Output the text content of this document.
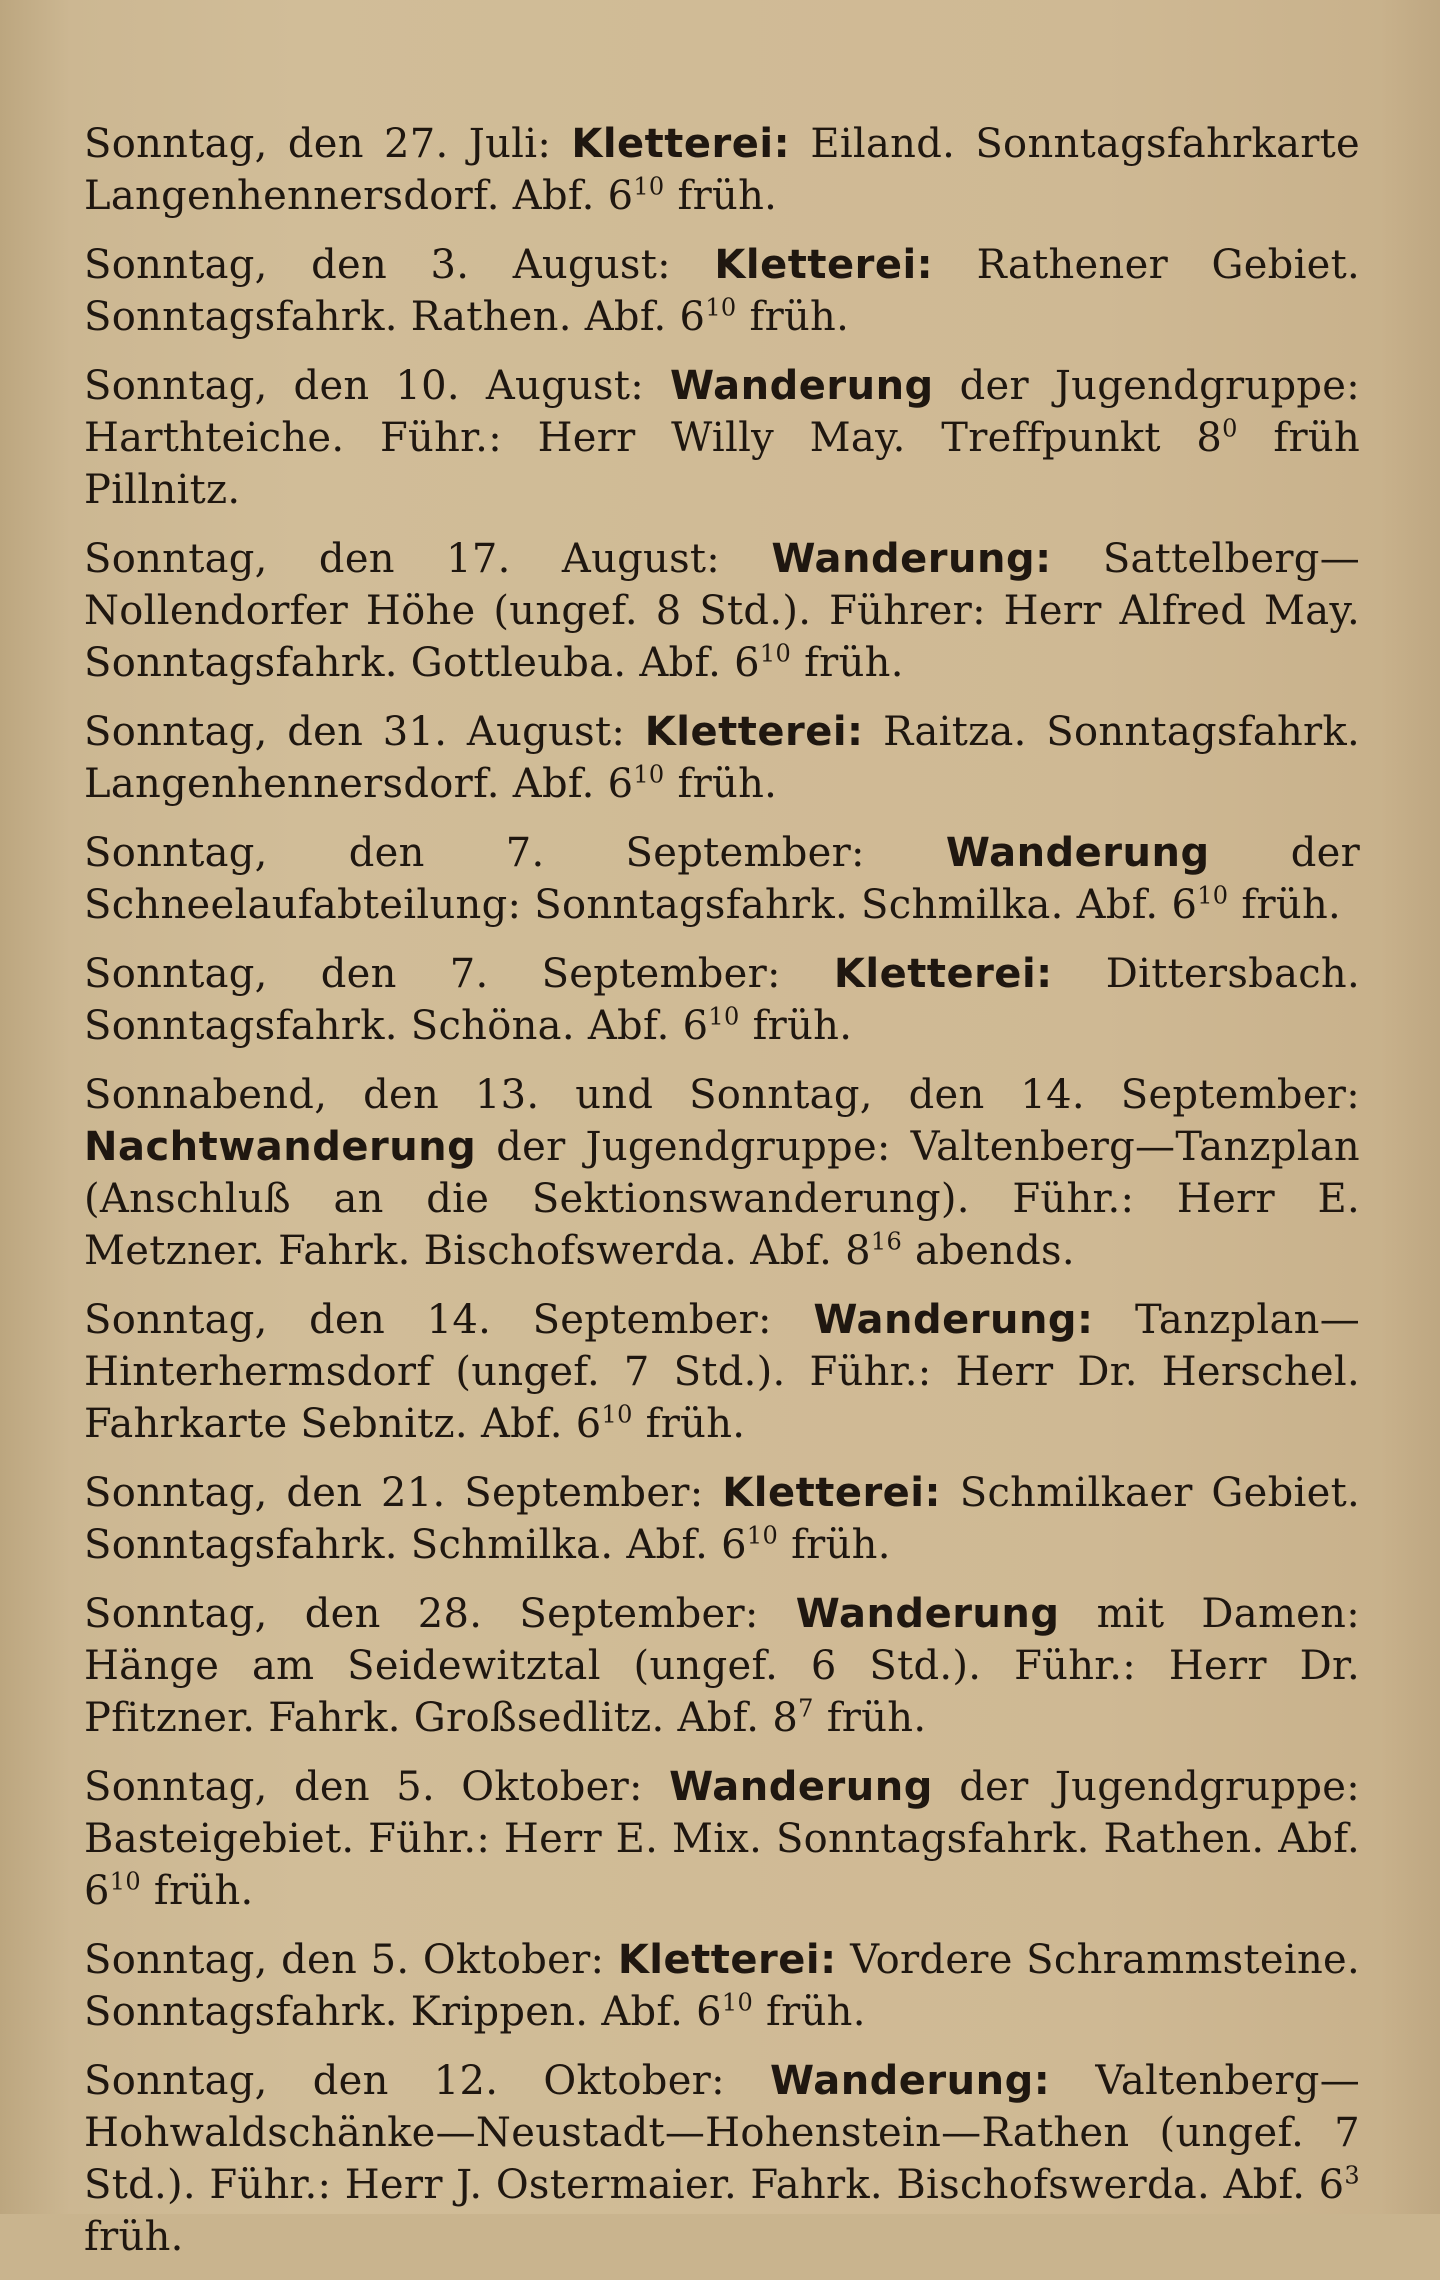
Sonntag, den 27. Juli: Kletterei: Eiland. Sonntagsfahrkarte Langenhennersdorf. Abf. $6^{10}$ früh.
Sonntag, den 3. August: Kletterei: Rathener Gebiet. Sonntagsfahrk. Rathen. Abf. $6^{10}$ früh.
Sonntag, den 10. August: Wanderung der Jugendgruppe: Harthteiche. Führ.: Herr Willy May. Treffpunkt $8^0$ früh Pillnitz.
Sonntag, den 17. August: Wanderung: Sattelberg—Nollendorfer Höhe (ungef. 8 Std.). Führer: Herr Alfred May. Sonntagsfahrk. Gottleuba. Abf. $6^{10}$ früh.
Sonntag, den 31. August: Kletterei: Raitza. Sonntagsfahrk. Langenhennersdorf. Abf. $6^{10}$ früh.
Sonntag, den 7. September: Wanderung der Schneelaufabteilung: Sonntagsfahrk. Schmilka. Abf. $6^{10}$ früh.
Sonntag, den 7. September: Kletterei: Dittersbach. Sonntagsfahrk. Schöna. Abf. $6^{10}$ früh.
Sonnabend, den 13. und Sonntag, den 14. September: Nachtwanderung der Jugendgruppe: Valtenberg—Tanzplan (Anschluß an die Sektionswanderung). Führ.: Herr E. Metzner. Fahrk. Bischofswerda. Abf. $8^{16}$ abends.
Sonntag, den 14. September: Wanderung: Tanzplan—Hinterhermsdorf (ungef. 7 Std.). Führ.: Herr Dr. Herschel. Fahrkarte Sebnitz. Abf. $6^{10}$ früh.
Sonntag, den 21. September: Kletterei: Schmilkaer Gebiet. Sonntagsfahrk. Schmilka. Abf. $6^{10}$ früh.
Sonntag, den 28. September: Wanderung mit Damen: Hänge am Seidewitztal (ungef. 6 Std.). Führ.: Herr Dr. Pfitzner. Fahrk. Großsedlitz. Abf. $8^7$ früh.
Sonntag, den 5. Oktober: Wanderung der Jugendgruppe: Basteigebiet. Führ.: Herr E. Mix. Sonntagsfahrk. Rathen. Abf. $6^{10}$ früh.
Sonntag, den 5. Oktober: Kletterei: Vordere Schrammsteine. Sonntagsfahrk. Krippen. Abf. $6^{10}$ früh.
Sonntag, den 12. Oktober: Wanderung: Valtenberg—Hohwaldschänke—Neustadt—Hohenstein—Rathen (ungef. 7 Std.). Führ.: Herr J. Ostermaier. Fahrk. Bischofswerda. Abf. $6^3$ früh.
